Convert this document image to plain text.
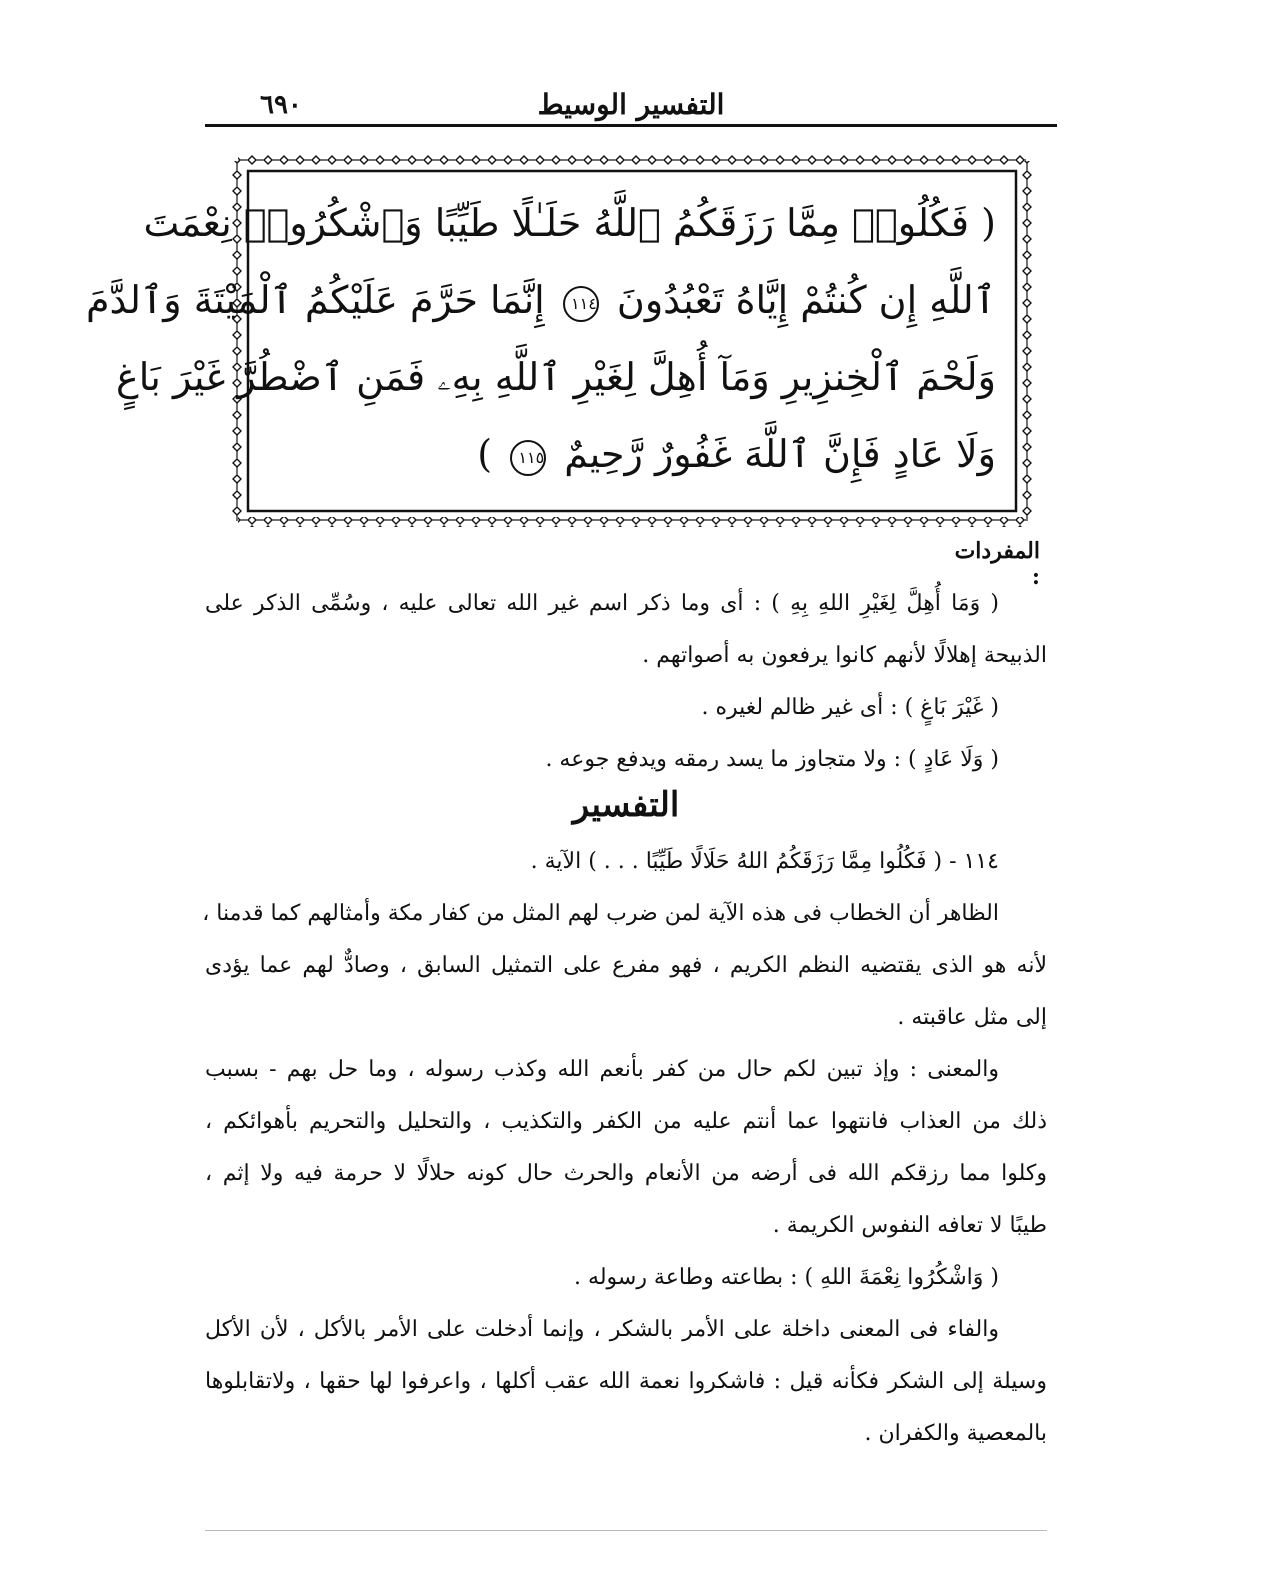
٦٩٠	التفسير الوسيط
( فَكُلُوا۟ مِمَّا رَزَقَكُمُ ٱللَّهُ حَلَـٰلًا طَيِّبًا وَٱشْكُرُوا۟ نِعْمَتَ
ٱللَّهِ إِن كُنتُمْ إِيَّاهُ تَعْبُدُونَ ١١٤ إِنَّمَا حَرَّمَ عَلَيْكُمُ ٱلْمَيْتَةَ وَٱلدَّمَ
وَلَحْمَ ٱلْخِنزِيرِ وَمَآ أُهِلَّ لِغَيْرِ ٱللَّهِ بِهِۦ فَمَنِ ٱضْطُرَّ غَيْرَ بَاغٍ
وَلَا عَادٍ فَإِنَّ ٱللَّهَ غَفُورٌ رَّحِيمٌ ١١٥ )
المفردات :
( وَمَا أُهِلَّ لِغَيْرِ اللهِ بِهِ ) : أى وما ذكر اسم غير الله تعالى عليه ، وسُمِّى الذكر على
الذبيحة إهلالًا لأنهم كانوا يرفعون به أصواتهم .
( غَيْرَ بَاغٍ ) : أى غير ظالم لغيره .
( وَلَا عَادٍ ) : ولا متجاوز ما يسد رمقه ويدفع جوعه .
التفسير
١١٤ - ( فَكُلُوا مِمَّا رَزَقَكُمُ اللهُ حَلَالًا طَيِّبًا . . . ) الآية .
الظاهر أن الخطاب فى هذه الآية لمن ضرب لهم المثل من كفار مكة وأمثالهم كما قدمنا ،
لأنه هو الذى يقتضيه النظم الكريم ، فهو مفرع على التمثيل السابق ، وصادٌّ لهم عما يؤدى
إلى مثل عاقبته .
والمعنى : وإذ تبين لكم حال من كفر بأنعم الله وكذب رسوله ، وما حل بهم - بسبب
ذلك من العذاب فانتهوا عما أنتم عليه من الكفر والتكذيب ، والتحليل والتحريم بأهوائكم ،
وكلوا مما رزقكم الله فى أرضه من الأنعام والحرث حال كونه حلالًا لا حرمة فيه ولا إثم ،
طيبًا لا تعافه النفوس الكريمة .
( وَاشْكُرُوا نِعْمَةَ اللهِ ) : بطاعته وطاعة رسوله .
والفاء فى المعنى داخلة على الأمر بالشكر ، وإنما أدخلت على الأمر بالأكل ، لأن الأكل
وسيلة إلى الشكر فكأنه قيل : فاشكروا نعمة الله عقب أكلها ، واعرفوا لها حقها ، ولاتقابلوها
بالمعصية والكفران .
